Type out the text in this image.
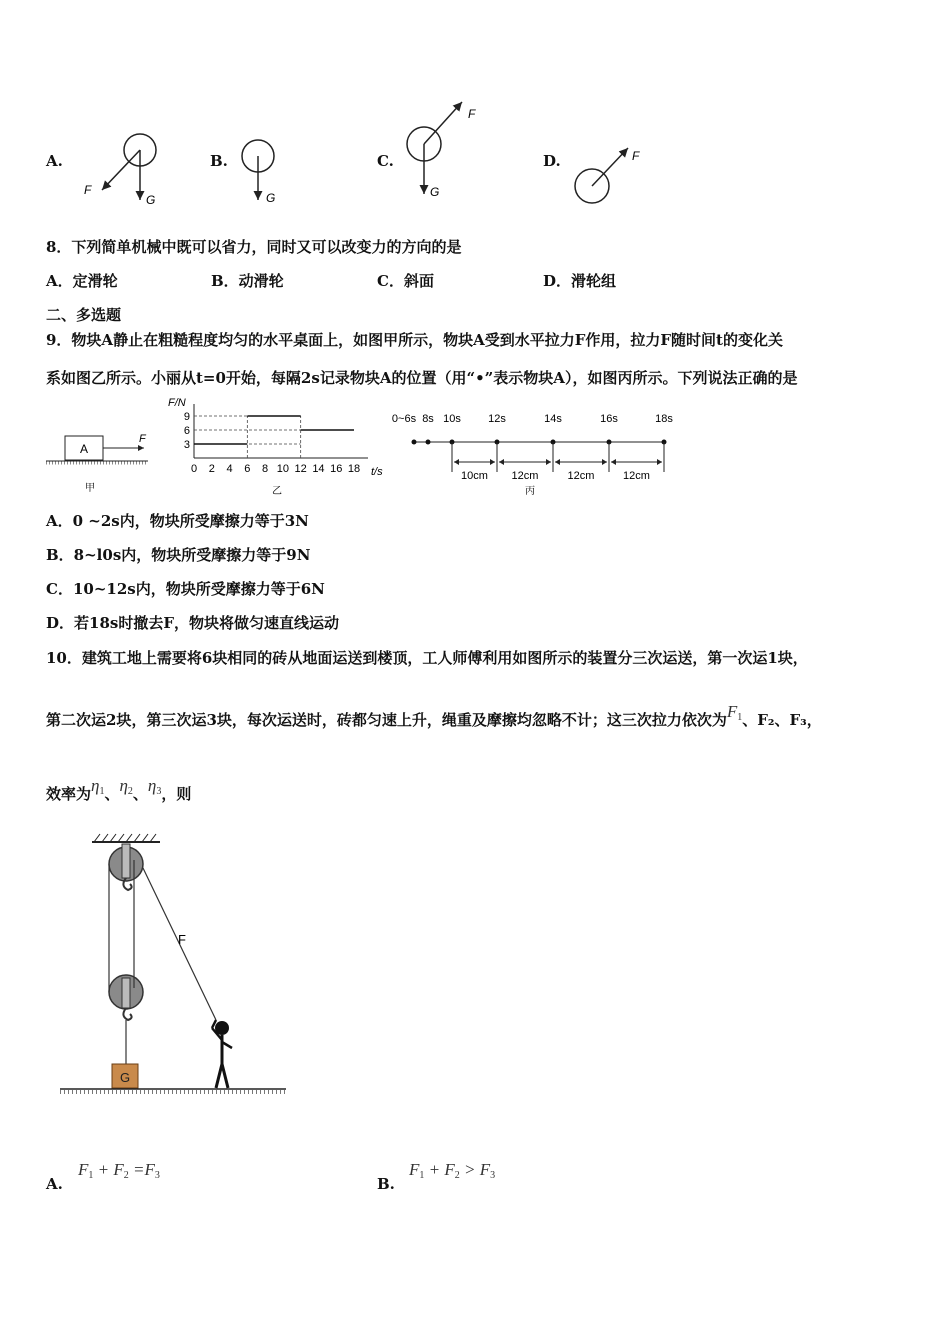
A.
F
G
B.
G
C.
F
G
D.	F
8．下列简单机械中既可以省力，同时又可以改变力的方向的是
A．定滑轮	B．动滑轮	C．斜面	D．滑轮组
二、多选题
9．物块A静止在粗糙程度均匀的水平桌面上，如图甲所示，物块A受到水平拉力F作用，拉力F随时间t的变化关
系如图乙所示。小丽从t=0开始，每隔2s记录物块A的位置（用“•”表示物块A），如图丙所示。下列说法正确的是
A
F
甲
F/N
t/s
乙
9
6
3
0 2 4 6 8 10 12 14 16 18
丙
0~6s 8s 10s 12s	14s	16s	18s
10cm 12cm	12cm	12cm
A．0 ~2s内，物块所受摩擦力等于3N
B．8~l0s内，物块所受摩擦力等于9N
C．10~12s内，物块所受摩擦力等于6N
D．若18s时撤去F，物块将做匀速直线运动
10．建筑工地上需要将6块相同的砖从地面运送到楼顶，工人师傅利用如图所示的装置分三次运送，第一次运1块，
第二次运2块，第三次运3块，每次运送时，砖都匀速上升，绳重及摩擦均忽略不计；这三次拉力依次为$F_1$、F₂、F₃，
效率为$\eta_1$、$\eta_2$、$\eta_3$，则
F
G
A.
$F_1 + F_2 =F_3$	B.
$F_1 + F_2 > F_3$
